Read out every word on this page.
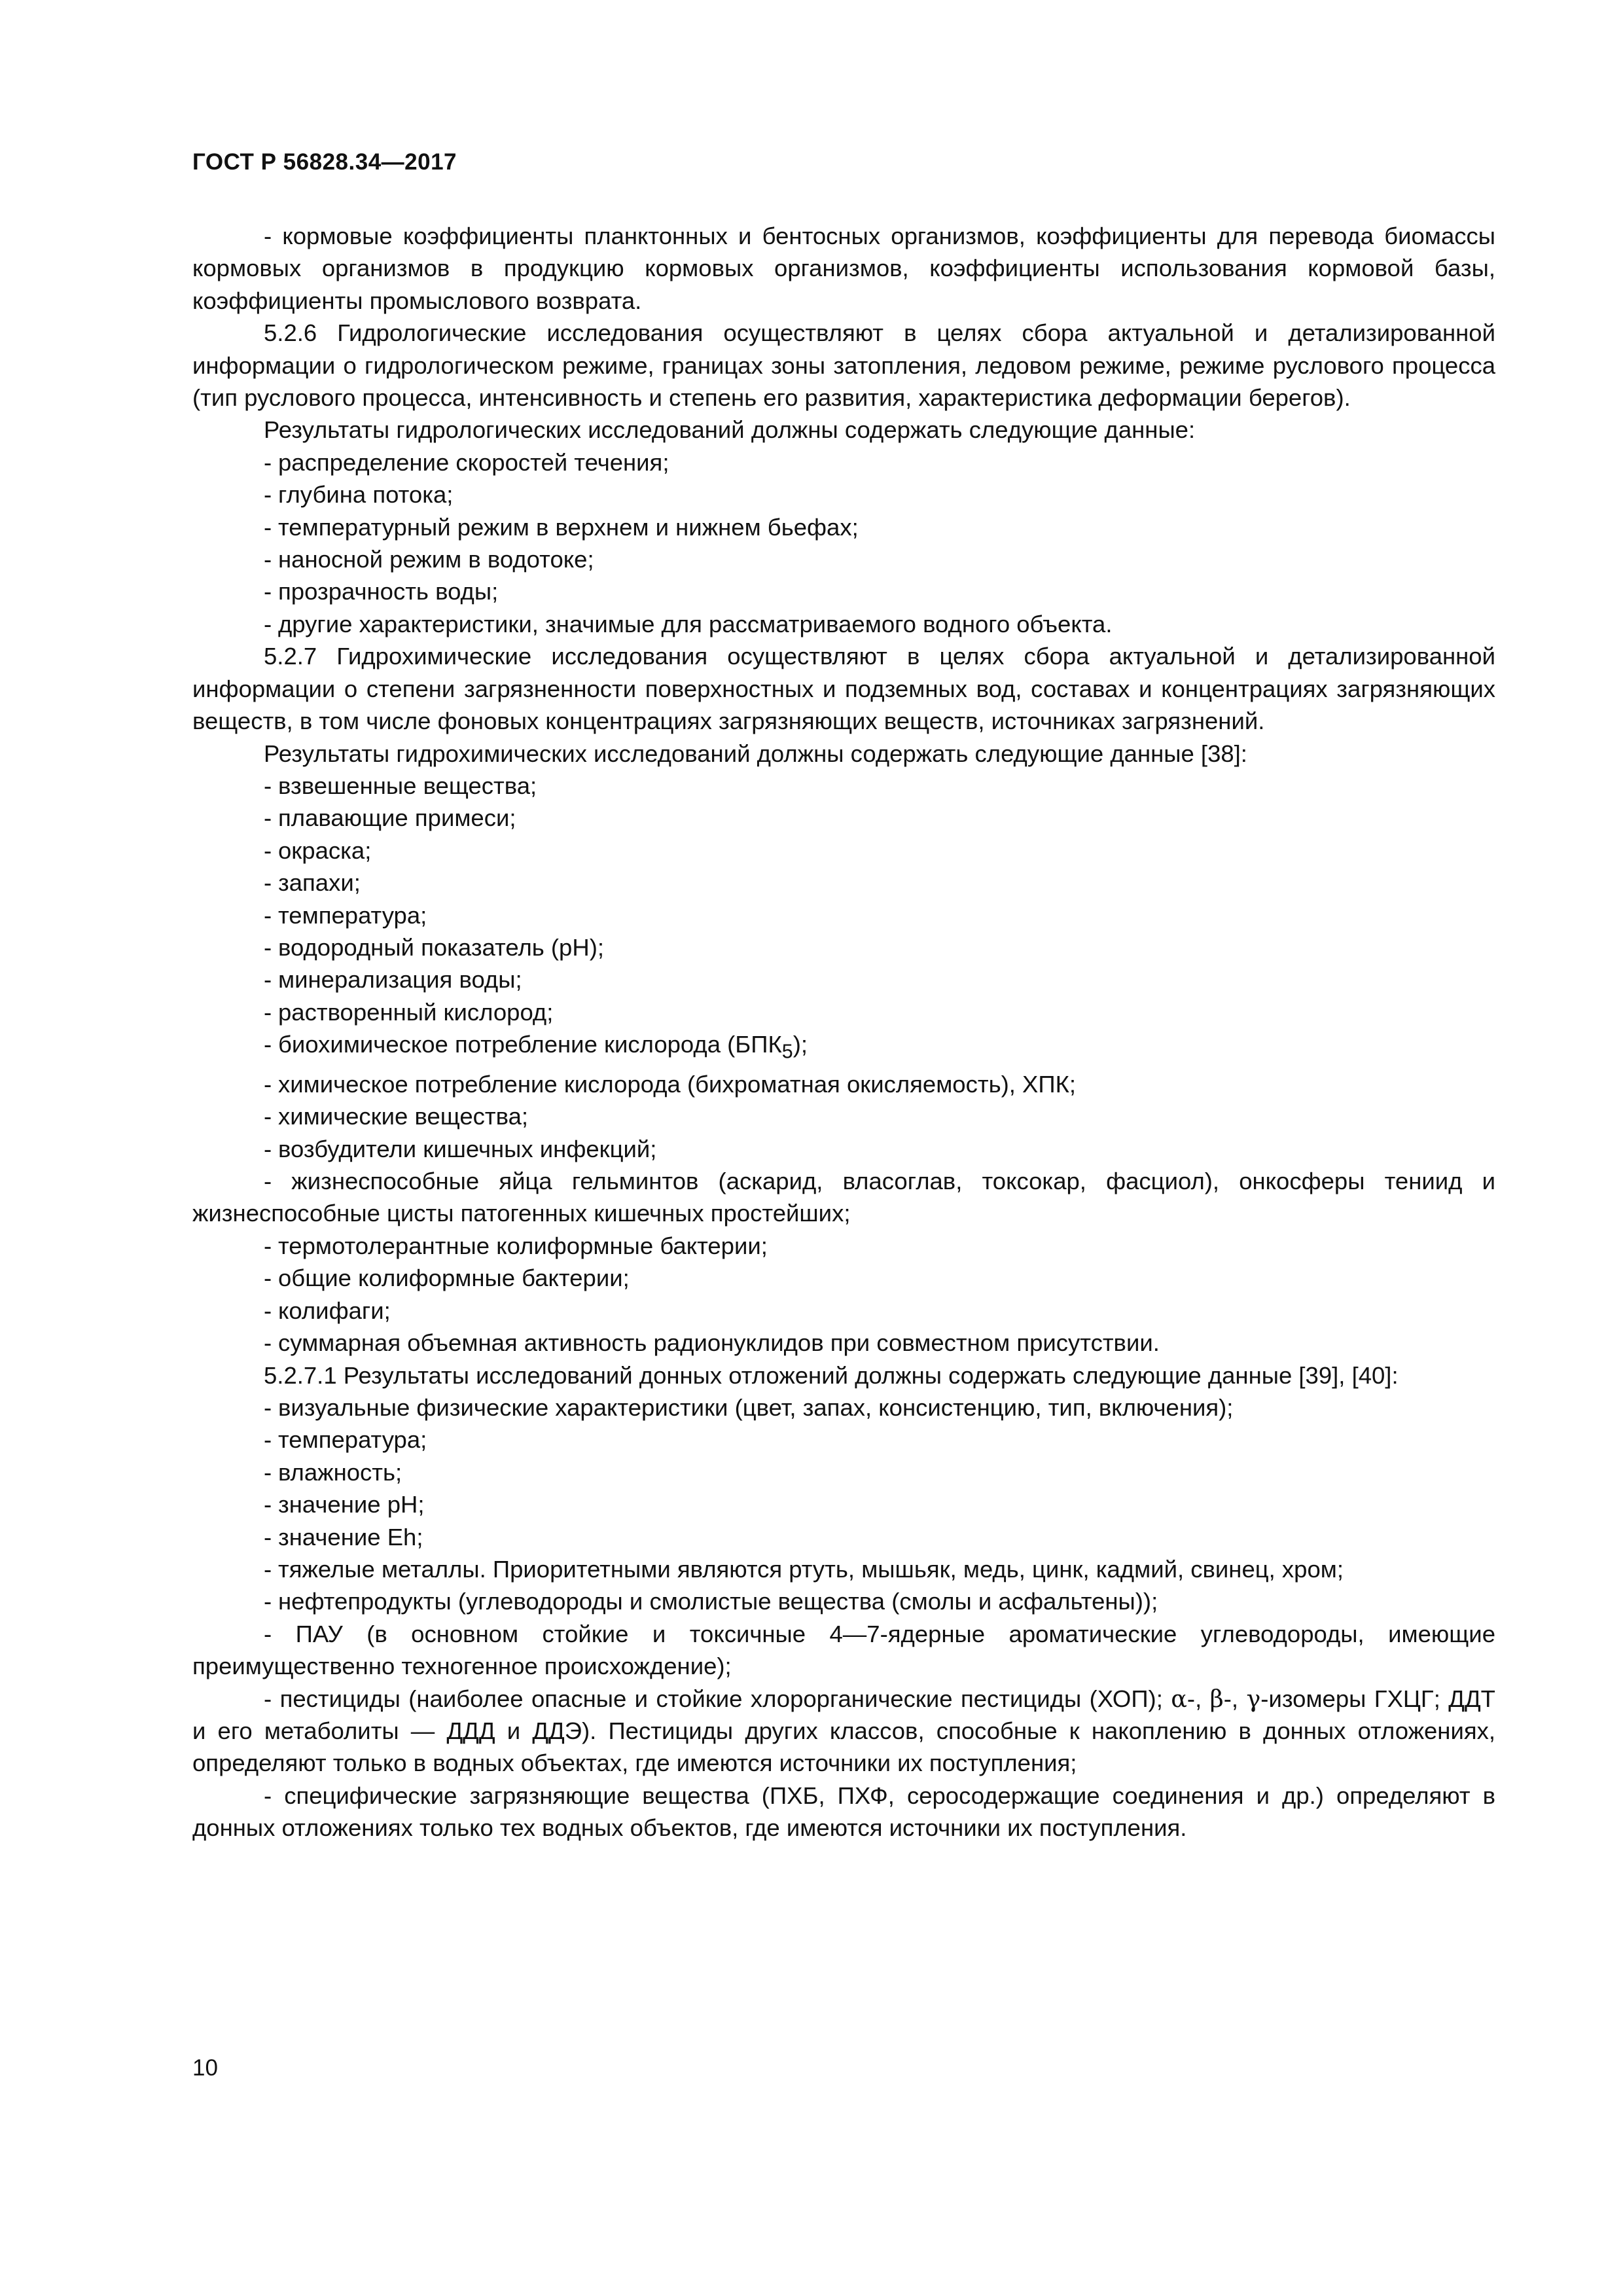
ГОСТ Р 56828.34—2017

- кормовые коэффициенты планктонных и бентосных организмов, коэффициенты для перевода биомассы кормовых организмов в продукцию кормовых организмов, коэффициенты использования кормовой базы, коэффициенты промыслового возврата.

5.2.6 Гидрологические исследования осуществляют в целях сбора актуальной и детализированной информации о гидрологическом режиме, границах зоны затопления, ледовом режиме, режиме руслового процесса (тип руслового процесса, интенсивность и степень его развития, характеристика деформации берегов).

Результаты гидрологических исследований должны содержать следующие данные:

- распределение скоростей течения;

- глубина потока;

- температурный режим в верхнем и нижнем бьефах;

- наносной режим в водотоке;

- прозрачность воды;

- другие характеристики, значимые для рассматриваемого водного объекта.

5.2.7 Гидрохимические исследования осуществляют в целях сбора актуальной и детализированной информации о степени загрязненности поверхностных и подземных вод, составах и концентрациях загрязняющих веществ, в том числе фоновых концентрациях загрязняющих веществ, источниках загрязнений.

Результаты гидрохимических исследований должны содержать следующие данные [38]:

- взвешенные вещества;

- плавающие примеси;

- окраска;

- запахи;

- температура;

- водородный показатель (pH);

- минерализация воды;

- растворенный кислород;

- биохимическое потребление кислорода $(БПК_5)$;

- химическое потребление кислорода (бихроматная окисляемость), ХПК;

- химические вещества;

- возбудители кишечных инфекций;

- жизнеспособные яйца гельминтов (аскарид, власоглав, токсокар, фасциол), онкосферы тениид и жизнеспособные цисты патогенных кишечных простейших;

- термотолерантные колиформные бактерии;

- общие колиформные бактерии;

- колифаги;

- суммарная объемная активность радионуклидов при совместном присутствии.

5.2.7.1 Результаты исследований донных отложений должны содержать следующие данные [39], [40]:

- визуальные физические характеристики (цвет, запах, консистенцию, тип, включения);

- температура;

- влажность;

- значение pH;

- значение Eh;

- тяжелые металлы. Приоритетными являются ртуть, мышьяк, медь, цинк, кадмий, свинец, хром;

- нефтепродукты (углеводороды и смолистые вещества (смолы и асфальтены));

- ПАУ (в основном стойкие и токсичные 4—7-ядерные ароматические углеводороды, имеющие преимущественно техногенное происхождение);

- пестициды (наиболее опасные и стойкие хлорорганические пестициды (ХОП); α-, β-, γ-изомеры ГХЦГ; ДДТ и его метаболиты — ДДД и ДДЭ). Пестициды других классов, способные к накоплению в донных отложениях, определяют только в водных объектах, где имеются источники их поступления;

- специфические загрязняющие вещества (ПХБ, ПХФ, серосодержащие соединения и др.) определяют в донных отложениях только тех водных объектов, где имеются источники их поступления.

10
